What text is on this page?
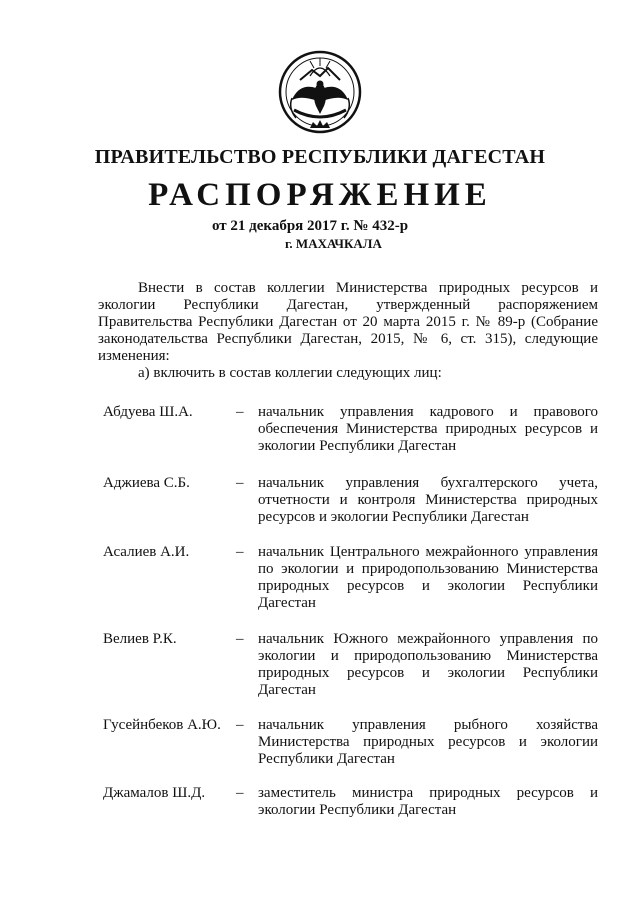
ПРАВИТЕЛЬСТВО РЕСПУБЛИКИ ДАГЕСТАН
РАСПОРЯЖЕНИЕ
от 21 декабря 2017 г. № 432-р
г. МАХАЧКАЛА

Внести в состав коллегии Министерства природных ресурсов и экологии Республики Дагестан, утвержденный распоряжением Правительства Республики Дагестан от 20 марта 2015 г. № 89-р (Собрание законодательства Республики Дагестан, 2015, № 6, ст. 315), следующие изменения:

а) включить в состав коллегии следующих лиц:

Абдуева Ш.А.	– начальник управления кадрового и правового обеспечения Министерства природных ресурсов и экологии Республики Дагестан
Аджиева С.Б.	– начальник управления бухгалтерского учета, отчетности и контроля Министерства природных ресурсов и экологии Республики Дагестан
Асалиев А.И.	– начальник Центрального межрайонного управления по экологии и природопользованию Министерства природных ресурсов и экологии Республики Дагестан
Велиев Р.К.	– начальник Южного межрайонного управления по экологии и природопользованию Министерства природных ресурсов и экологии Республики Дагестан
Гусейнбеков А.Ю. – начальник управления рыбного хозяйства Министерства природных ресурсов и экологии Республики Дагестан
Джамалов Ш.Д. – заместитель министра природных ресурсов и экологии Республики Дагестан
